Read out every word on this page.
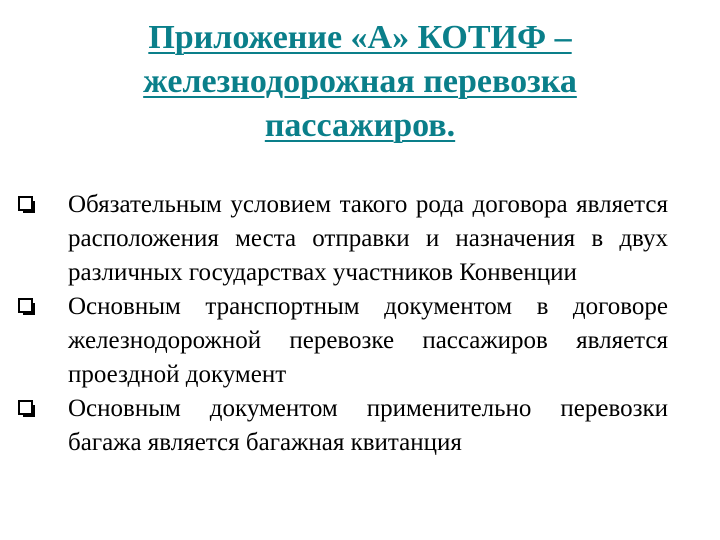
Приложение «А» КОТИФ –
железнодорожная перевозка
пассажиров.
Обязательным условием такого рода договора является расположения места отправки и назначения в двух различных государствах участников Конвенции
Основным транспортным документом в договоре железнодорожной перевозке пассажиров является проездной документ
Основным документом применительно перевозки багажа является багажная квитанция
